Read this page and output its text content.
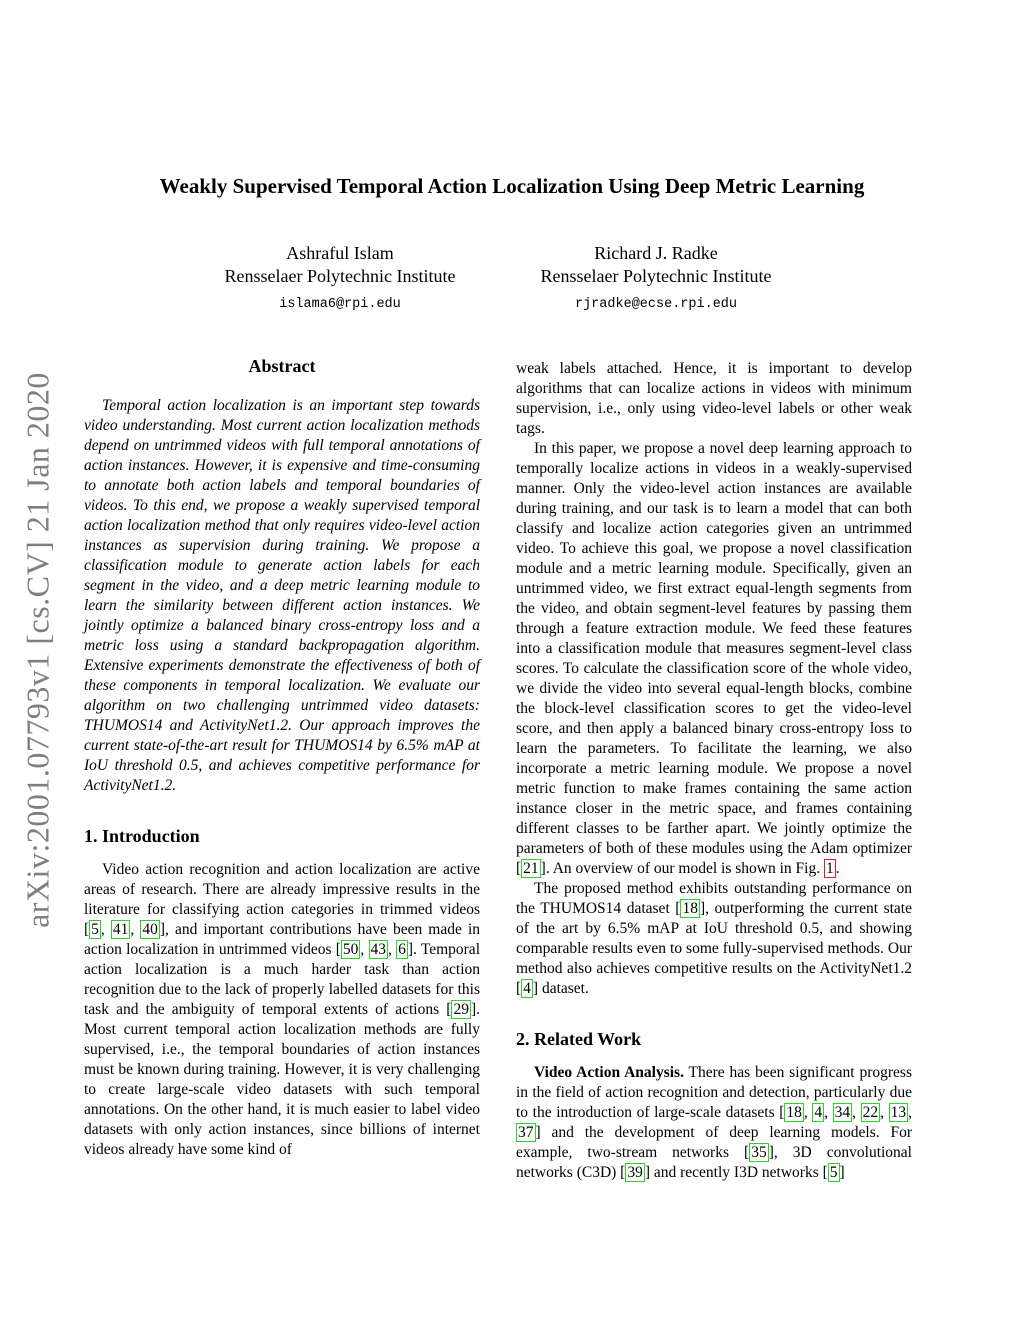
Weakly Supervised Temporal Action Localization Using Deep Metric Learning
Ashraful Islam
Rensselaer Polytechnic Institute
islama6@rpi.edu
Richard J. Radke
Rensselaer Polytechnic Institute
rjradke@ecse.rpi.edu
arXiv:2001.07793v1 [cs.CV] 21 Jan 2020
Abstract

Temporal action localization is an important step towards video understanding. Most current action localization methods depend on untrimmed videos with full temporal annotations of action instances. However, it is expensive and time-consuming to annotate both action labels and temporal boundaries of videos. To this end, we propose a weakly supervised temporal action localization method that only requires video-level action instances as supervision during training. We propose a classification module to generate action labels for each segment in the video, and a deep metric learning module to learn the similarity between different action instances. We jointly optimize a balanced binary cross-entropy loss and a metric loss using a standard backpropagation algorithm. Extensive experiments demonstrate the effectiveness of both of these components in temporal localization. We evaluate our algorithm on two challenging untrimmed video datasets: THUMOS14 and ActivityNet1.2. Our approach improves the current state-of-the-art result for THUMOS14 by 6.5% mAP at IoU threshold 0.5, and achieves competitive performance for ActivityNet1.2.

1. Introduction

Video action recognition and action localization are active areas of research. There are already impressive results in the literature for classifying action categories in trimmed videos [ 5 , 41 , 40 ], and important contributions have been made in action localization in untrimmed videos [ 50 , 43 , 6 ]. Temporal action localization is a much harder task than action recognition due to the lack of properly labelled datasets for this task and the ambiguity of temporal extents of actions [ 29 ]. Most current temporal action localization methods are fully supervised, i.e., the temporal boundaries of action instances must be known during training. However, it is very challenging to create large-scale video datasets with such temporal annotations. On the other hand, it is much easier to label video datasets with only action instances, since billions of internet videos already have some kind of

weak labels attached. Hence, it is important to develop algorithms that can localize actions in videos with minimum supervision, i.e., only using video-level labels or other weak tags.

In this paper, we propose a novel deep learning approach to temporally localize actions in videos in a weakly-supervised manner. Only the video-level action instances are available during training, and our task is to learn a model that can both classify and localize action categories given an untrimmed video. To achieve this goal, we propose a novel classification module and a metric learning module. Specifically, given an untrimmed video, we first extract equal-length segments from the video, and obtain segment-level features by passing them through a feature extraction module. We feed these features into a classification module that measures segment-level class scores. To calculate the classification score of the whole video, we divide the video into several equal-length blocks, combine the block-level classification scores to get the video-level score, and then apply a balanced binary cross-entropy loss to learn the parameters. To facilitate the learning, we also incorporate a metric learning module. We propose a novel metric function to make frames containing the same action instance closer in the metric space, and frames containing different classes to be farther apart. We jointly optimize the parameters of both of these modules using the Adam optimizer [ 21 ]. An overview of our model is shown in Fig. 1 .

The proposed method exhibits outstanding performance on the THUMOS14 dataset [ 18 ], outperforming the current state of the art by 6.5% mAP at IoU threshold 0.5, and showing comparable results even to some fully-supervised methods. Our method also achieves competitive results on the ActivityNet1.2 [ 4 ] dataset.

2. Related Work

Video Action Analysis. There has been significant progress in the field of action recognition and detection, particularly due to the introduction of large-scale datasets [ 18 , 4 , 34 , 22 , 13 , 37 ] and the development of deep learning models. For example, two-stream networks [ 35 ], 3D convolutional networks (C3D) [ 39 ] and recently I3D networks [ 5 ]
